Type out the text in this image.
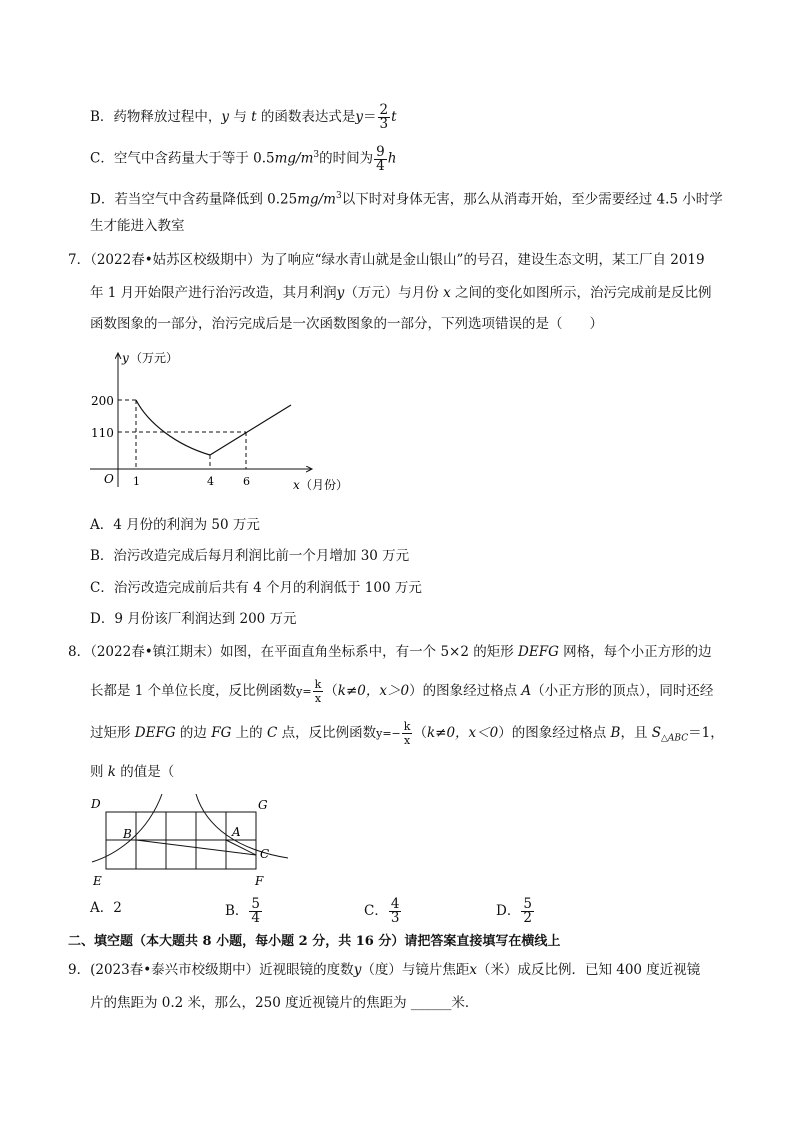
B．药物释放过程中，y 与 t 的函数表达式是$y= \frac{2}{3}$ t
C．空气中含药量大于等于 $0.5mg/m^3$的时间为 $\frac{9}{4}$ h
D．若当空气中含药量降低到 $0.25mg/m^3$以下时对身体无害，那么从消毒开始，至少需要经过 4.5 小时学
生才能进入教室
7．（2022春•姑苏区校级期中）为了响应“绿水青山就是金山银山”的号召，建设生态文明，某工厂自 2019
年 1 月开始限产进行治污改造，其月利润y（万元）与月份 x 之间的变化如图所示，治污完成前是反比例
函数图象的一部分，治污完成后是一次函数图象的一部分，下列选项错误的是（　　）
y （万元）
200
110
O 1	4	6	x （月份）
A．4 月份的利润为 50 万元
B．治污改造完成后每月利润比前一个月增加 30 万元
C．治污改造完成前后共有 4 个月的利润低于 100 万元
D．9 月份该厂利润达到 200 万元
8．（2022春•镇江期末）如图，在平面直角坐标系中，有一个 5×2 的矩形 DEFG 网格，每个小正方形的边
长都是 1 个单位长度，反比例函数$y= \frac{k}{x} (k\ne 0$，x＞0）的图象经过格点 A（小正方形的顶点），同时还经
过矩形 DEFG 的边 FG 上的 C 点，反比例函数$y=- \frac{k}{x} (k\ne 0$，x＜0）的图象经过格点 B，且 $S_{\triangle ABC}=1$，
则 k 的值是（
D	G
E	F
B	A
C
A．2	B． $\frac{5}{4}$	C． $\frac{4}{3}$	D． $\frac{5}{2}$
二、填空题（本大题共 8 小题，每小题 2 分，共 16 分）请把答案直接填写在横线上
9．(2023春•泰兴市校级期中）近视眼镜的度数y（度）与镜片焦距x（米）成反比例．已知 400 度近视镜
片的焦距为 0.2 米，那么，250 度近视镜片的焦距为 ______米．
